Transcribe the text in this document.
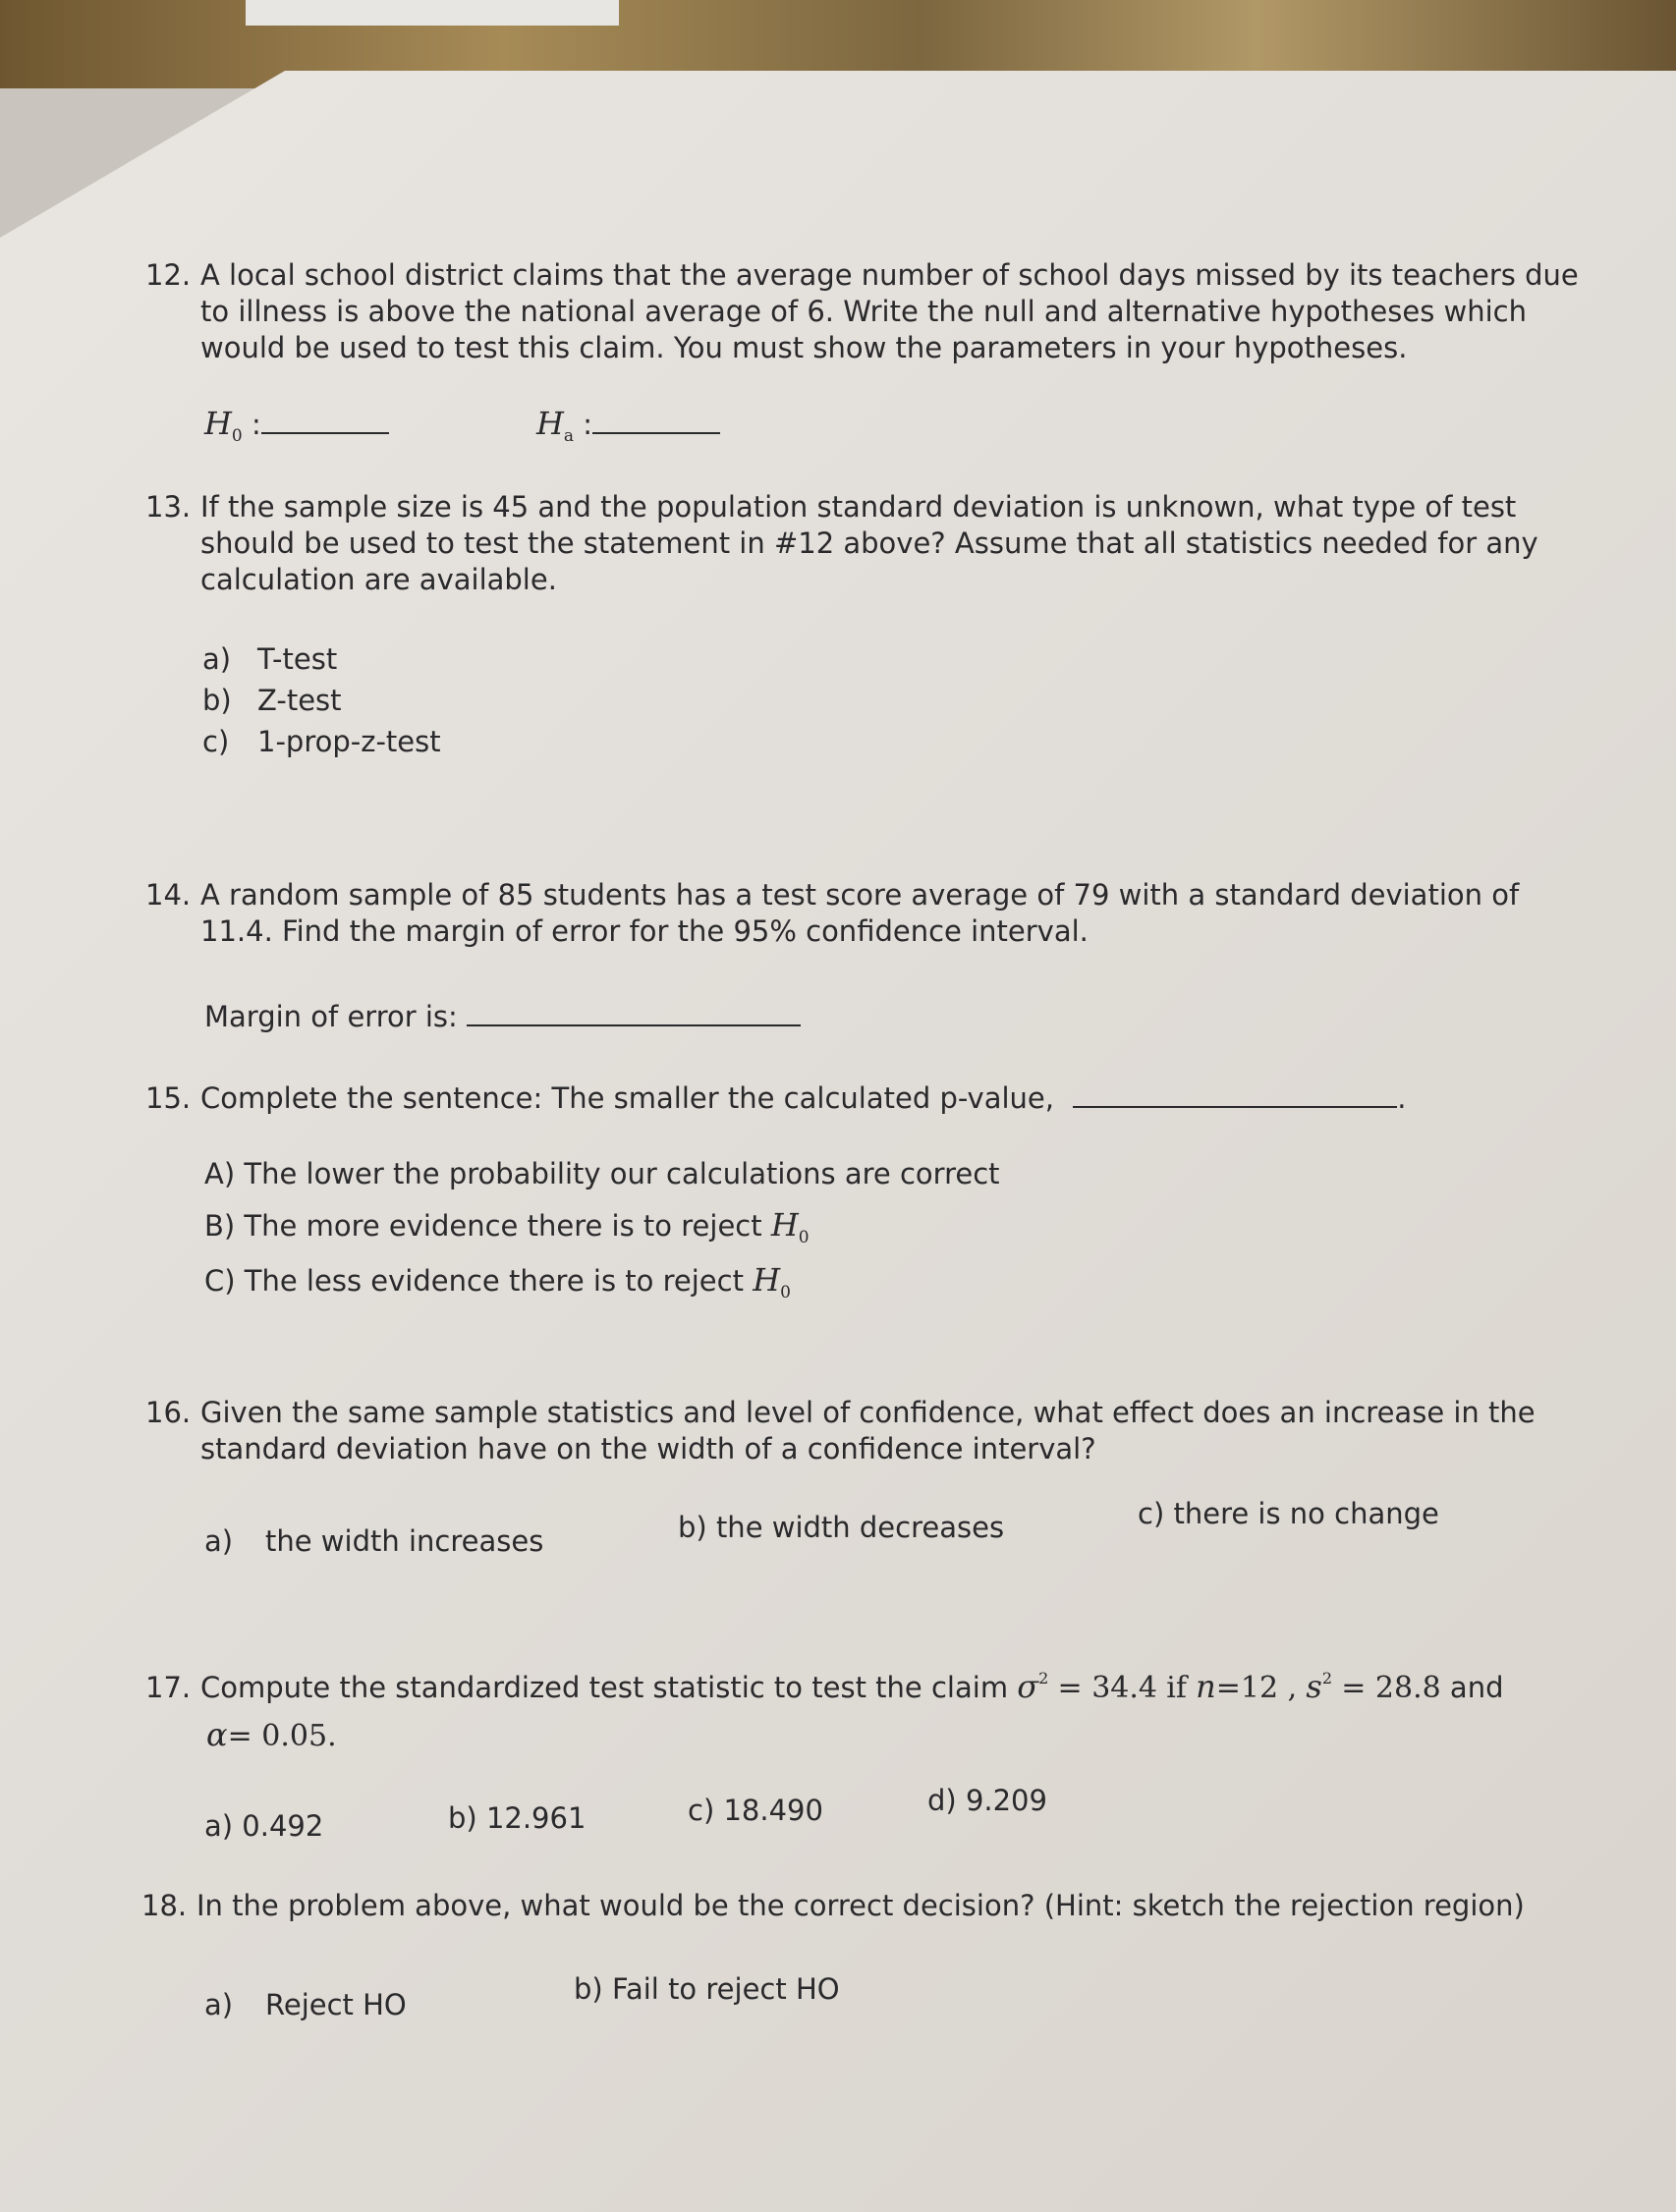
12. A local school district claims that the average number of school days missed by its teachers due
to illness is above the national average of 6. Write the null and alternative hypotheses which
would be used to test this claim. You must show the parameters in your hypotheses.
$H_0$ :	$H_a$ :
13. If the sample size is 45 and the population standard deviation is unknown, what type of test
should be used to test the statement in #12 above? Assume that all statistics needed for any
calculation are available.
a) T-test
b) Z-test
c) 1-prop-z-test
14. A random sample of 85 students has a test score average of 79 with a standard deviation of
11.4. Find the margin of error for the 95% confidence interval.
Margin of error is:
15. Complete the sentence: The smaller the calculated p-value,	.
A) The lower the probability our calculations are correct
B) The more evidence there is to reject $H_0$
C) The less evidence there is to reject $H_0$
16. Given the same sample statistics and level of confidence, what effect does an increase in the
standard deviation have on the width of a confidence interval?
a) the width increases	b) the width decreases	c) there is no change
17. Compute the standardized test statistic to test the claim $\sigma^2 = 34.4$ if n=12 , $s^2 = 28.8$ and
α= 0.05.
a) 0.492	b) 12.961	c) 18.490	d) 9.209
18. In the problem above, what would be the correct decision? (Hint: sketch the rejection region)
a) Reject HO	b) Fail to reject HO
